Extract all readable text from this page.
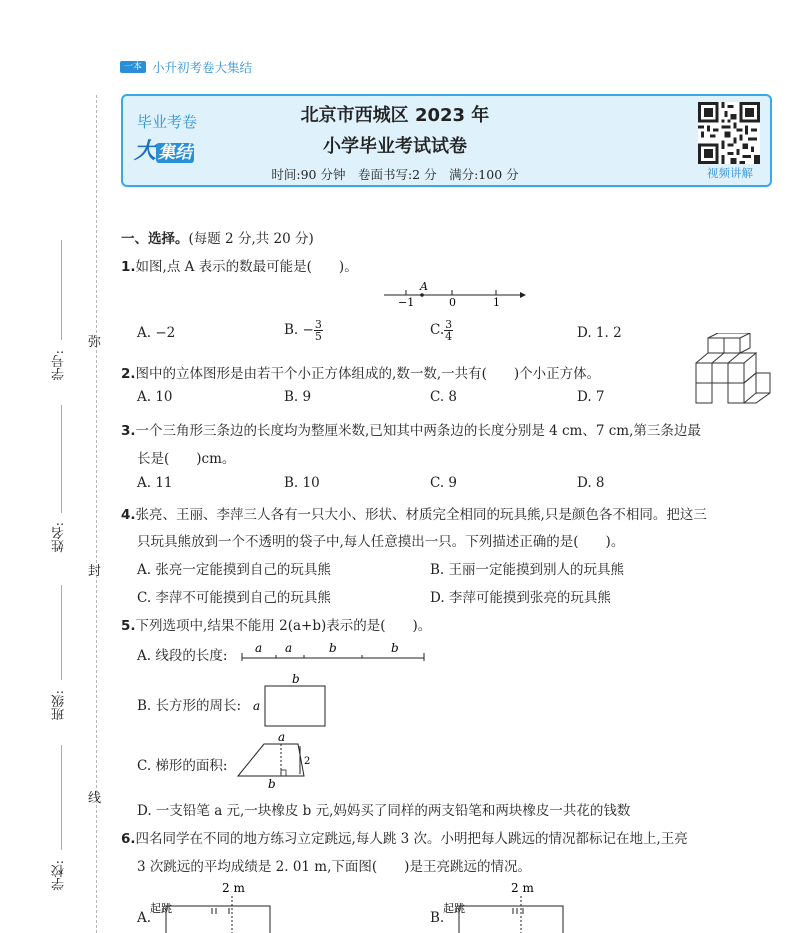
一本 小升初考卷大集结
学号:
姓名:
班级:
学校:
弥
封
线
毕业考卷
大 集结
北京市西城区 2023 年
小学毕业考试试卷
时间:90 分钟　卷面书写:2 分　满分:100 分	视频讲解
一、选择。(每题 2 分,共 20 分)
1.如图,点 A 表示的数最可能是(　　)。
A
−1	0	1
A. −2	B. − $\frac{3}{5}$	C. $\frac{3}{4}$	D. 1. 2
2.图中的立体图形是由若干个小正方体组成的,数一数,一共有(　　)个小正方体。
A. 10	B. 9	C. 8	D. 7
3.一个三角形三条边的长度均为整厘米数,已知其中两条边的长度分别是 4 cm、7 cm,第三条边最
长是(　　)cm。
A. 11	B. 10	C. 9	D. 8
4.张亮、王丽、李萍三人各有一只大小、形状、材质完全相同的玩具熊,只是颜色各不相同。把这三
只玩具熊放到一个不透明的袋子中,每人任意摸出一只。下列描述正确的是(　　)。
A. 张亮一定能摸到自己的玩具熊	B. 王丽一定能摸到别人的玩具熊
C. 李萍不可能摸到自己的玩具熊	D. 李萍可能摸到张亮的玩具熊
5.下列选项中,结果不能用 2(a+b)表示的是(　　)。
A. 线段的长度: a a	b	b
B. 长方形的周长:
b
a
C. 梯形的面积:
a
b
2
D. 一支铅笔 a 元,一块橡皮 b 元,妈妈买了同样的两支铅笔和两块橡皮一共花的钱数
6.四名同学在不同的地方练习立定跳远,每人跳 3 次。小明把每人跳远的情况都标记在地上,王亮
3 次跳远的平均成绩是 2. 01 m,下面图(　　)是王亮跳远的情况。
A.
2 m
起跳
B.
2 m
起跳
